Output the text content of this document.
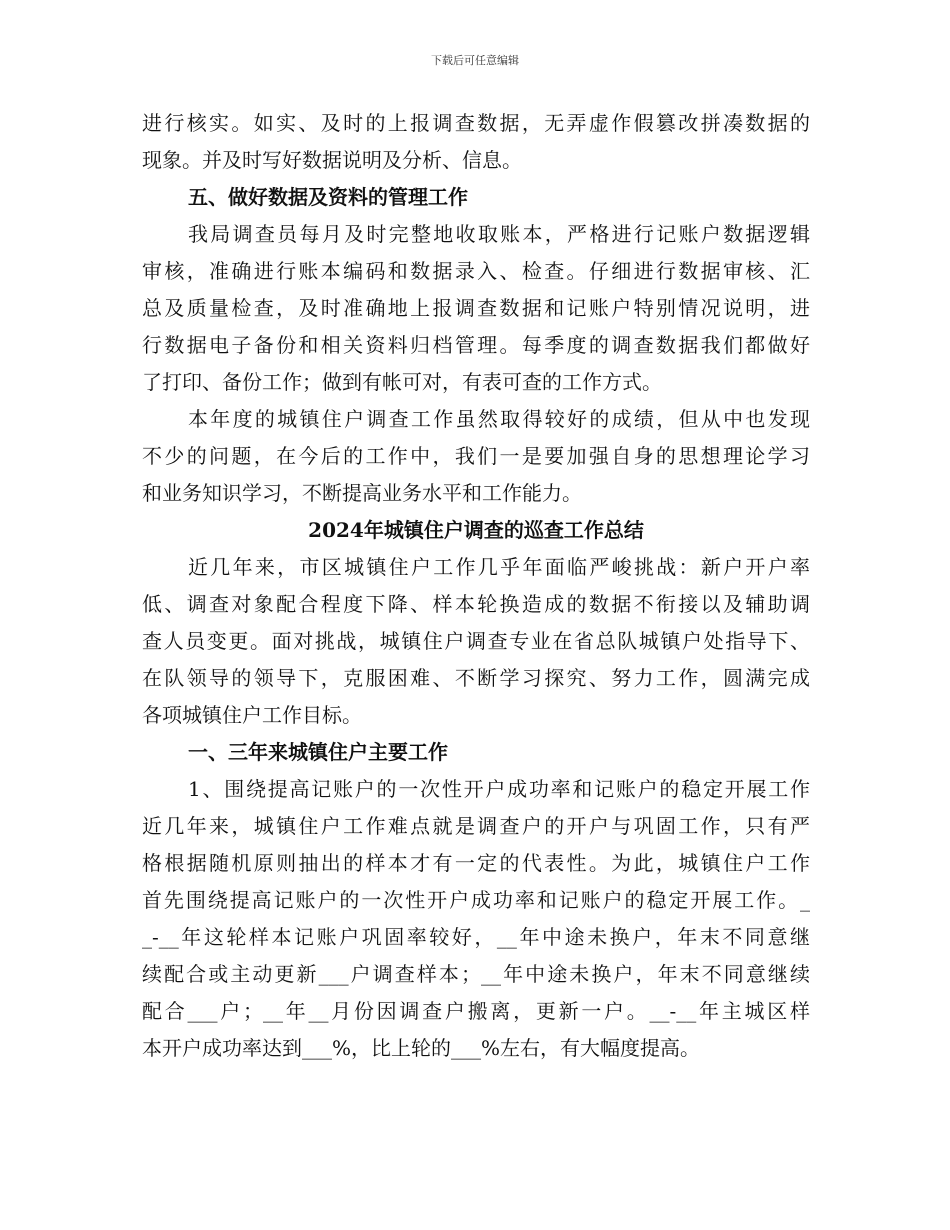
下载后可任意编辑
进行核实。如实、及时的上报调查数据，无弄虚作假篡改拼凑数据的
现象。并及时写好数据说明及分析、信息。
五、做好数据及资料的管理工作
我局调查员每月及时完整地收取账本，严格进行记账户数据逻辑
审核，准确进行账本编码和数据录入、检查。仔细进行数据审核、汇
总及质量检查，及时准确地上报调查数据和记账户特别情况说明，进
行数据电子备份和相关资料归档管理。每季度的调查数据我们都做好
了打印、备份工作；做到有帐可对，有表可查的工作方式。
本年度的城镇住户调查工作虽然取得较好的成绩，但从中也发现
不少的问题，在今后的工作中，我们一是要加强自身的思想理论学习
和业务知识学习，不断提高业务水平和工作能力。
2024年城镇住户调查的巡查工作总结
近几年来，市区城镇住户工作几乎年面临严峻挑战：新户开户率
低、调查对象配合程度下降、样本轮换造成的数据不衔接以及辅助调
查人员变更。面对挑战，城镇住户调查专业在省总队城镇户处指导下、
在队领导的领导下，克服困难、不断学习探究、努力工作，圆满完成
各项城镇住户工作目标。
一、三年来城镇住户主要工作
1、围绕提高记账户的一次性开户成功率和记账户的稳定开展工作
近几年来，城镇住户工作难点就是调查户的开户与巩固工作，只有严
格根据随机原则抽出的样本才有一定的代表性。为此，城镇住户工作
首先围绕提高记账户的一次性开户成功率和记账户的稳定开展工作。_
_-__年这轮样本记账户巩固率较好，__年中途未换户，年末不同意继
续配合或主动更新___户调查样本；__年中途未换户，年末不同意继续
配合___户；__年__月份因调查户搬离，更新一户。__-__年主城区样
本开户成功率达到___%，比上轮的___%左右，有大幅度提高。
